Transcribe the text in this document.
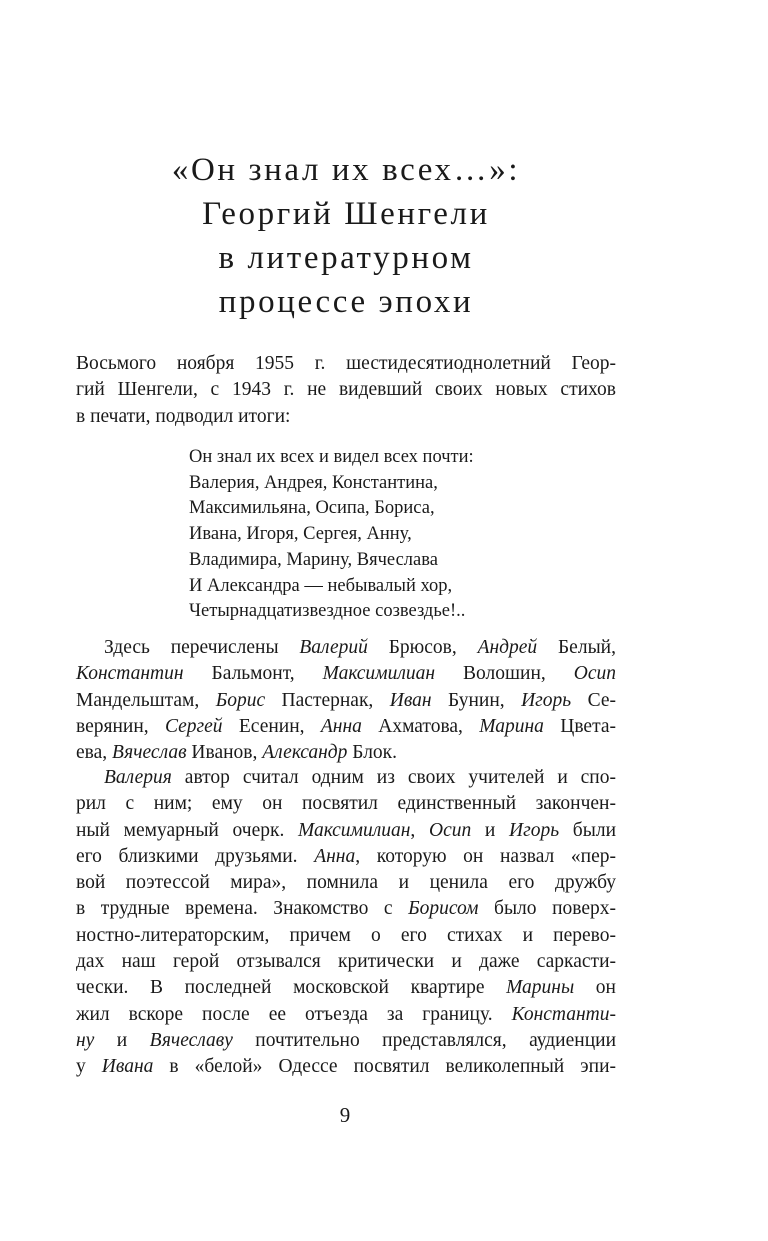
«Он знал их всех…»:
Георгий Шенгели
в литературном
процессе эпохи
Восьмого ноября 1955 г. шестидесятиоднолетний Геор-
гий Шенгели, с 1943 г. не видевший своих новых стихов
в печати, подводил итоги:
Он знал их всех и видел всех почти:
Валерия, Андрея, Константина,
Максимильяна, Осипа, Бориса,
Ивана, Игоря, Сергея, Анну,
Владимира, Марину, Вячеслава
И Александра — небывалый хор,
Четырнадцатизвездное созвездье!..
Здесь перечислены Валерий Брюсов, Андрей Белый,
Константин Бальмонт, Максимилиан Волошин, Осип
Мандельштам, Борис Пастернак, Иван Бунин, Игорь Се-
верянин, Сергей Есенин, Анна Ахматова, Марина Цвета-
ева, Вячеслав Иванов, Александр Блок.
Валерия автор считал одним из своих учителей и спо-
рил с ним; ему он посвятил единственный закончен-
ный мемуарный очерк. Максимилиан, Осип и Игорь были
его близкими друзьями. Анна, которую он назвал «пер-
вой поэтессой мира», помнила и ценила его дружбу
в трудные времена. Знакомство с Борисом было поверх-
ностно-литераторским, причем о его стихах и перево-
дах наш герой отзывался критически и даже саркасти-
чески. В последней московской квартире Марины он
жил вскоре после ее отъезда за границу. Константи-
ну и Вячеславу почтительно представлялся, аудиенции
у Ивана в «белой» Одессе посвятил великолепный эпи-
9
